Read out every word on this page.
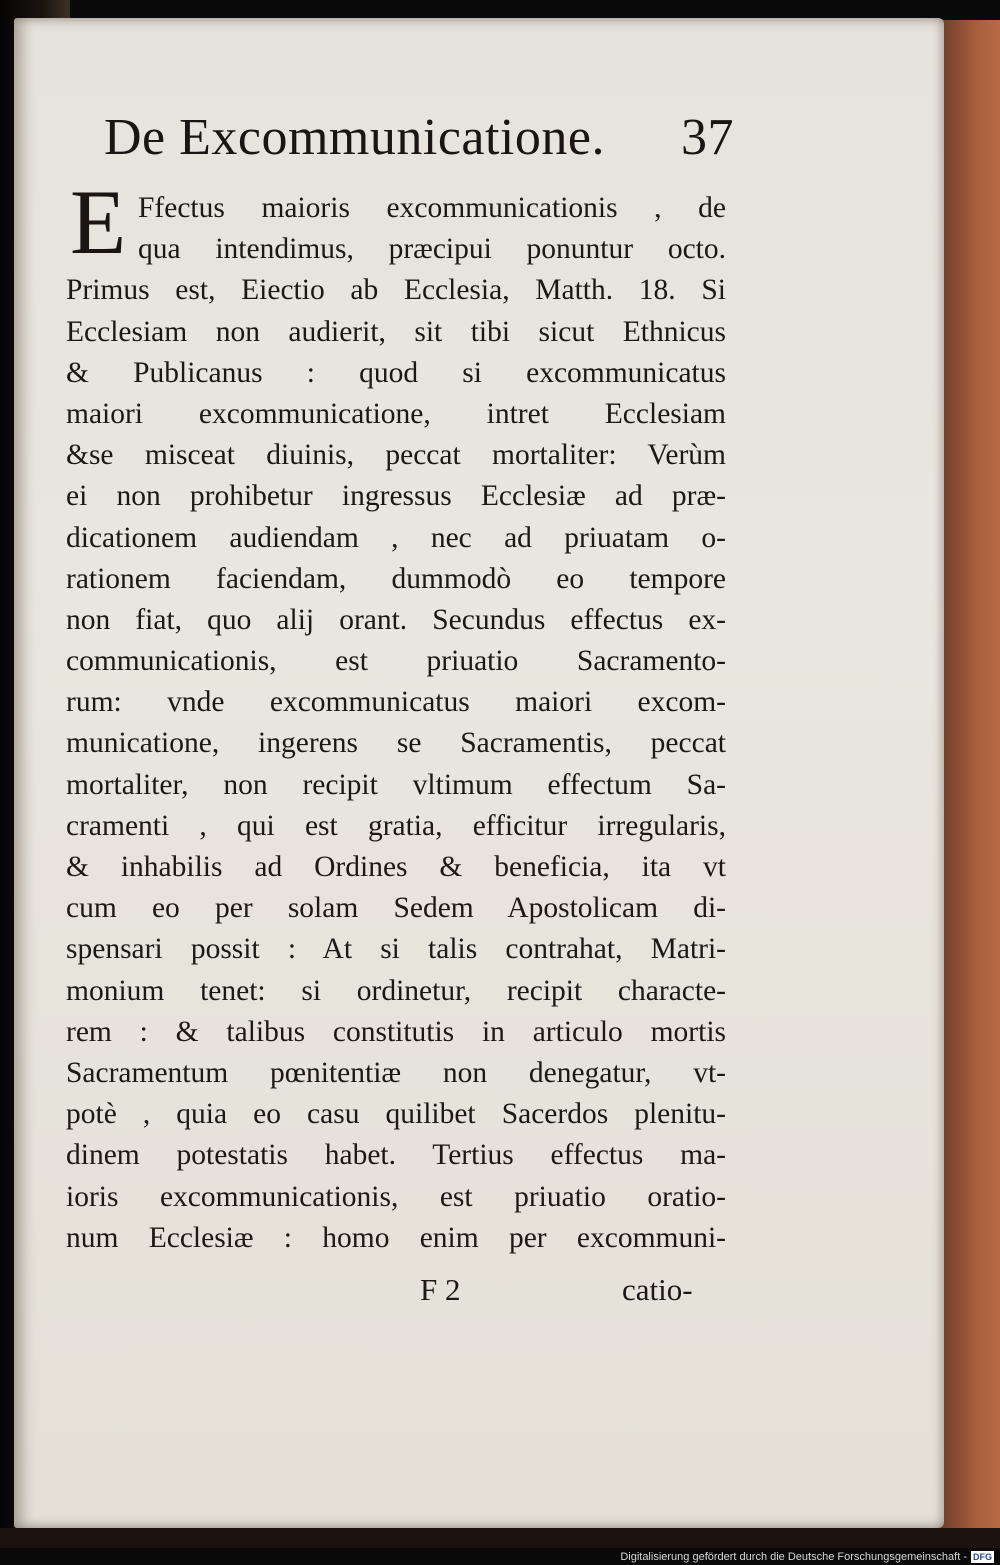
De Excommunicatione. 37
E Ffectus maioris excommunicationis , de
qua intendimus, præcipui ponuntur octo.
Primus est, Eiectio ab Ecclesia, Matth. 18. Si
Ecclesiam non audierit, sit tibi sicut Ethnicus
& Publicanus : quod si excommunicatus
maiori excommunicatione, intret Ecclesiam
&se misceat diuinis, peccat mortaliter: Verùm
ei non prohibetur ingressus Ecclesiæ ad præ-
dicationem audiendam , nec ad priuatam o-
rationem faciendam, dummodò eo tempore
non fiat, quo alij orant. Secundus effectus ex-
communicationis, est priuatio Sacramento-
rum: vnde excommunicatus maiori excom-
municatione, ingerens se Sacramentis, peccat
mortaliter, non recipit vltimum effectum Sa-
cramenti , qui est gratia, efficitur irregularis,
& inhabilis ad Ordines & beneficia, ita vt
cum eo per solam Sedem Apostolicam di-
spensari possit : At si talis contrahat, Matri-
monium tenet: si ordinetur, recipit characte-
rem : & talibus constitutis in articulo mortis
Sacramentum pœnitentiæ non denegatur, vt-
potè , quia eo casu quilibet Sacerdos plenitu-
dinem potestatis habet. Tertius effectus ma-
ioris excommunicationis, est priuatio oratio-
num Ecclesiæ : homo enim per excommuni-
F 2	catio-
Digitalisierung gefördert durch die Deutsche Forschungsgemeinschaft - DFG
